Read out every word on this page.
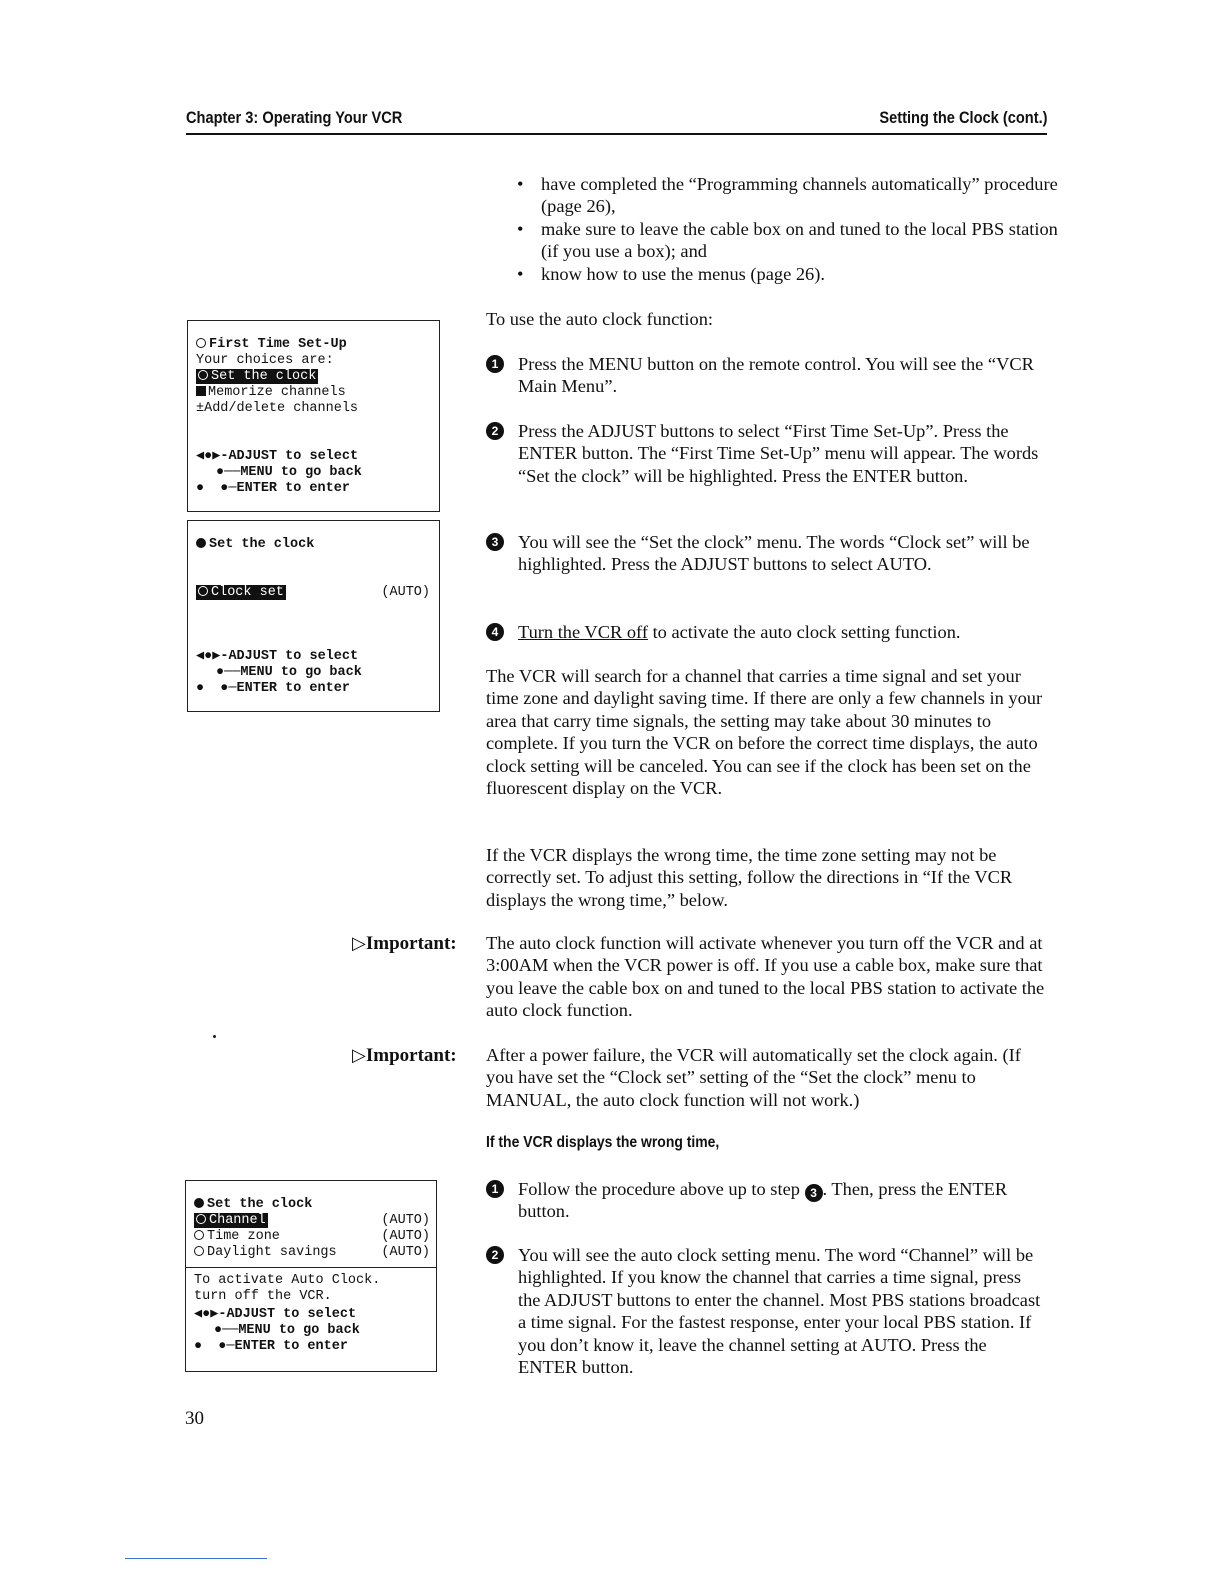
Chapter 3: Operating Your VCR	Setting the Clock (cont.)
• have completed the “Programming channels automatically” procedure (page 26),
• make sure to leave the cable box on and tuned to the local PBS station (if you use a box); and
• know how to use the menus (page 26).
To use the auto clock function:
1	Press the MENU button on the remote control. You will see the “VCR Main Menu”.
2	Press the ADJUST buttons to select “First Time Set-Up”. Press the ENTER button. The “First Time Set-Up” menu will appear. The words “Set the clock” will be highlighted. Press the ENTER button.
3	You will see the “Set the clock” menu. The words “Clock set” will be highlighted. Press the ADJUST buttons to select AUTO.
4	Turn the VCR off to activate the auto clock setting function.
The VCR will search for a channel that carries a time signal and set your time zone and daylight saving time. If there are only a few channels in your area that carry time signals, the setting may take about 30 minutes to complete. If you turn the VCR on before the correct time displays, the auto clock setting will be canceled. You can see if the clock has been set on the fluorescent display on the VCR.
If the VCR displays the wrong time, the time zone setting may not be correctly set. To adjust this setting, follow the directions in “If the VCR displays the wrong time,” below.
▷Important: The auto clock function will activate whenever you turn off the VCR and at 3:00AM when the VCR power is off. If you use a cable box, make sure that you leave the cable box on and tuned to the local PBS station to activate the auto clock function.
▷Important: After a power failure, the VCR will automatically set the clock again. (If you have set the “Clock set” setting of the “Set the clock” menu to MANUAL, the auto clock function will not work.)
If the VCR displays the wrong time,
1	Follow the procedure above up to step 3 . Then, press the ENTER button.
2	You will see the auto clock setting menu. The word “Channel” will be highlighted. If you know the channel that carries a time signal, press the ADJUST buttons to enter the channel. Most PBS stations broadcast a time signal. For the fastest response, enter your local PBS station. If you don’t know it, leave the channel setting at AUTO. Press the ENTER button.
First Time Set-Up
Your choices are:
Set the clock
Memorize channels
±Add/delete channels
◀●▶-ADJUST to select
●──MENU to go back
●  ●─ENTER to enter
Set the clock
Clock set	(AUTO)
◀●▶-ADJUST to select
●──MENU to go back
●  ●─ENTER to enter
Set the clock
Channel	(AUTO)
Time zone	(AUTO)
Daylight savings	(AUTO)
To activate Auto Clock.
turn off the VCR.
◀●▶-ADJUST to select
●──MENU to go back
●  ●─ENTER to enter
30
